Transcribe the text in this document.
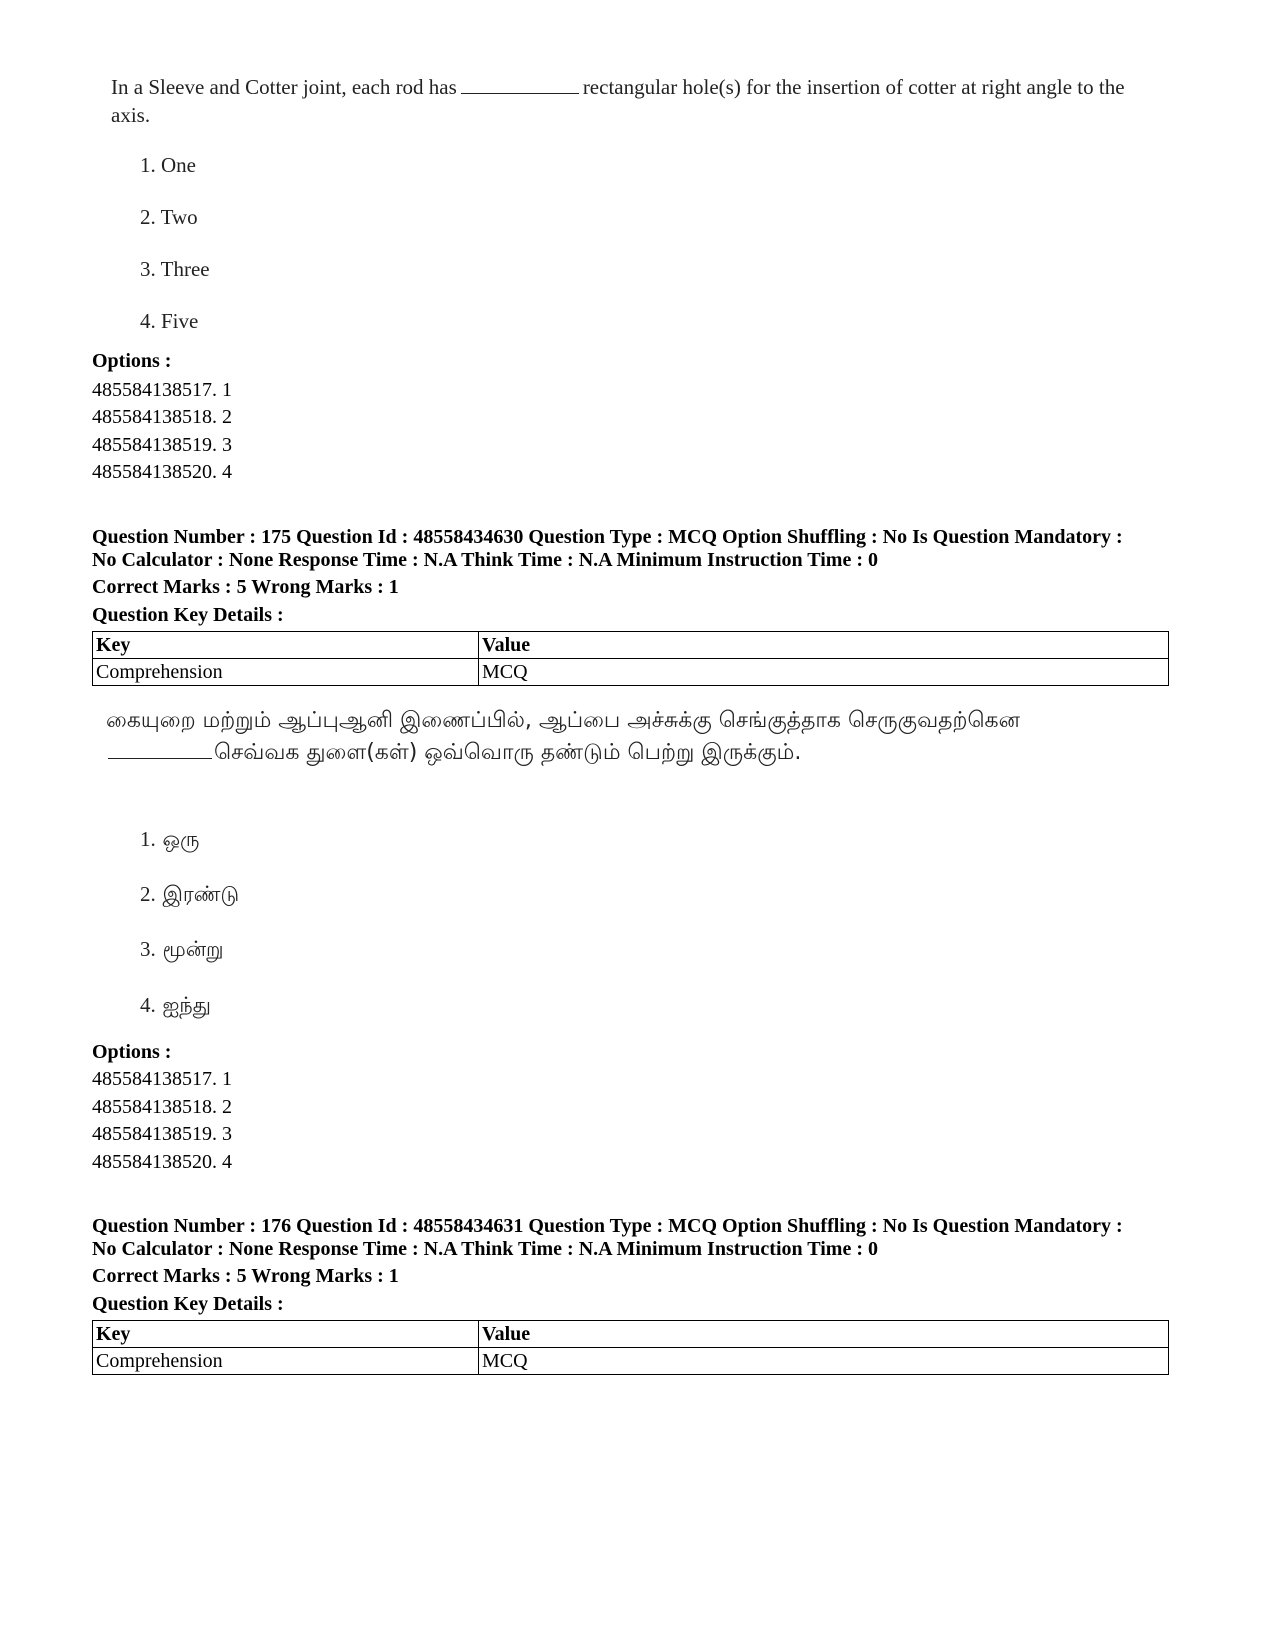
In a Sleeve and Cotter joint, each rod has	rectangular hole(s) for the insertion of cotter at right angle to the axis.
1. One
2. Two
3. Three
4. Five
Options :
485584138517. 1
485584138518. 2
485584138519. 3
485584138520. 4
Question Number : 175 Question Id : 48558434630 Question Type : MCQ Option Shuffling : No Is Question Mandatory :
No Calculator : None Response Time : N.A Think Time : N.A Minimum Instruction Time : 0
Correct Marks : 5 Wrong Marks : 1
Question Key Details :
Key	Value
Comprehension	MCQ
கையுறை மற்றும் ஆப்புஆனி இணைப்பில், ஆப்பை அச்சுக்கு செங்குத்தாக செருகுவதற்கெனசெவ்வக துளை(கள்) ஒவ்வொரு தண்டும் பெற்று இருக்கும்.
1. ஒரு
2. இரண்டு
3. மூன்று
4. ஐந்து
Options :
485584138517. 1
485584138518. 2
485584138519. 3
485584138520. 4
Question Number : 176 Question Id : 48558434631 Question Type : MCQ Option Shuffling : No Is Question Mandatory :
No Calculator : None Response Time : N.A Think Time : N.A Minimum Instruction Time : 0
Correct Marks : 5 Wrong Marks : 1
Question Key Details :
Key	Value
Comprehension	MCQ
